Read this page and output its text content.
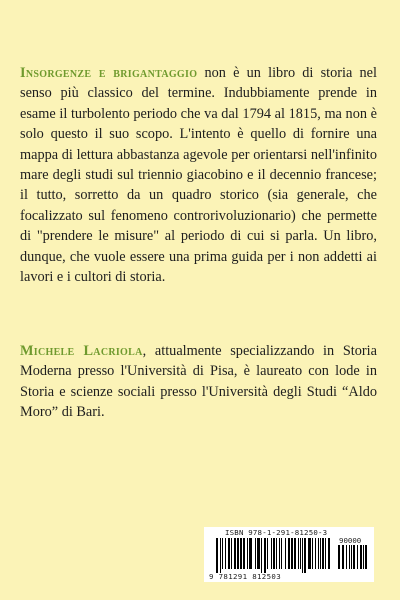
Insorgenze e brigantaggio non è un libro di storia nel senso più classico del termine. Indubbiamente prende in esame il turbolento periodo che va dal 1794 al 1815, ma non è solo questo il suo scopo. L'intento è quello di fornire una mappa di lettura abbastanza agevole per orientarsi nell'infinito mare degli studi sul triennio giacobino e il decennio francese; il tutto, sorretto da un quadro storico (sia generale, che focalizzato sul fenomeno controrivoluzionario) che permette di "prendere le misure" al periodo di cui si parla. Un libro, dunque, che vuole essere una prima guida per i non addetti ai lavori e i cultori di storia.

Michele Lacriola, attualmente specializzando in Storia Moderna presso l'Università di Pisa, è laureato con lode in Storia e scienze sociali presso l'Università degli Studi “Aldo Moro” di Bari.

ISBN 978-1-291-81250-3
90000
9 781291 812503
